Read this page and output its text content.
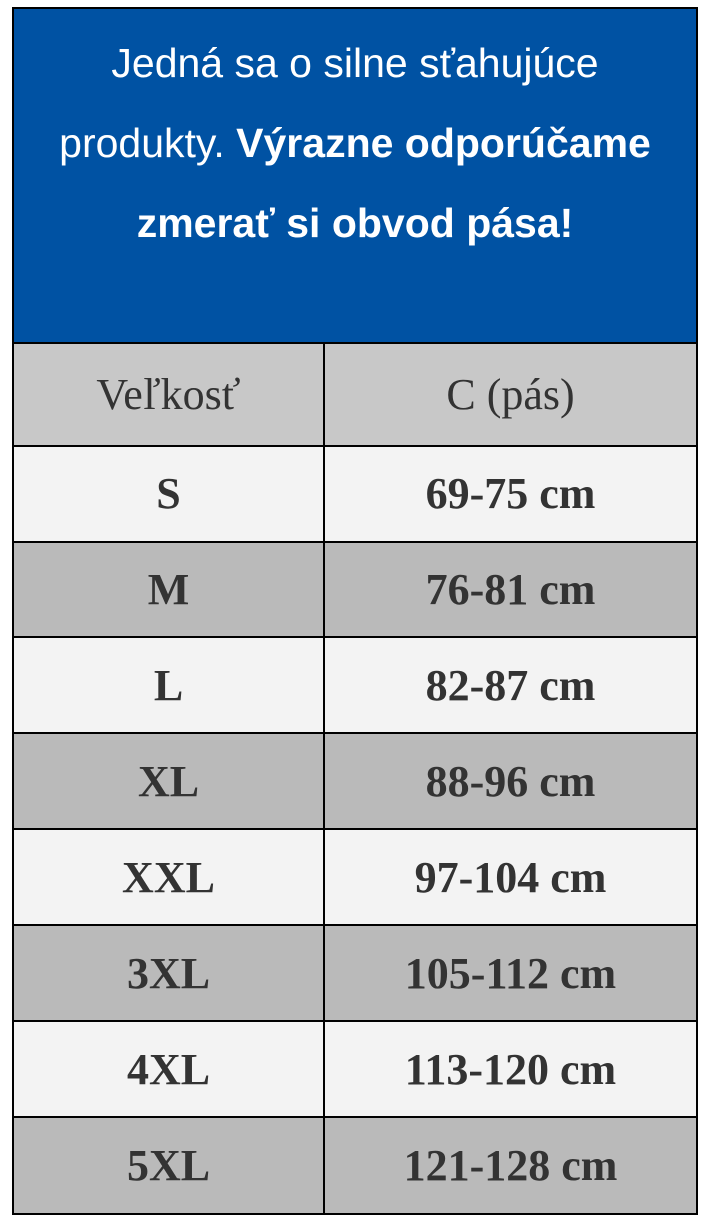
Jedná sa o silne sťahujúce produkty. Výrazne odporúčame zmerať si obvod pása!
Veľkosť	C (pás)
S	69-75 cm
M	76-81 cm
L	82-87 cm
XL	88-96 cm
XXL	97-104 cm
3XL	105-112 cm
4XL	113-120 cm
5XL	121-128 cm
